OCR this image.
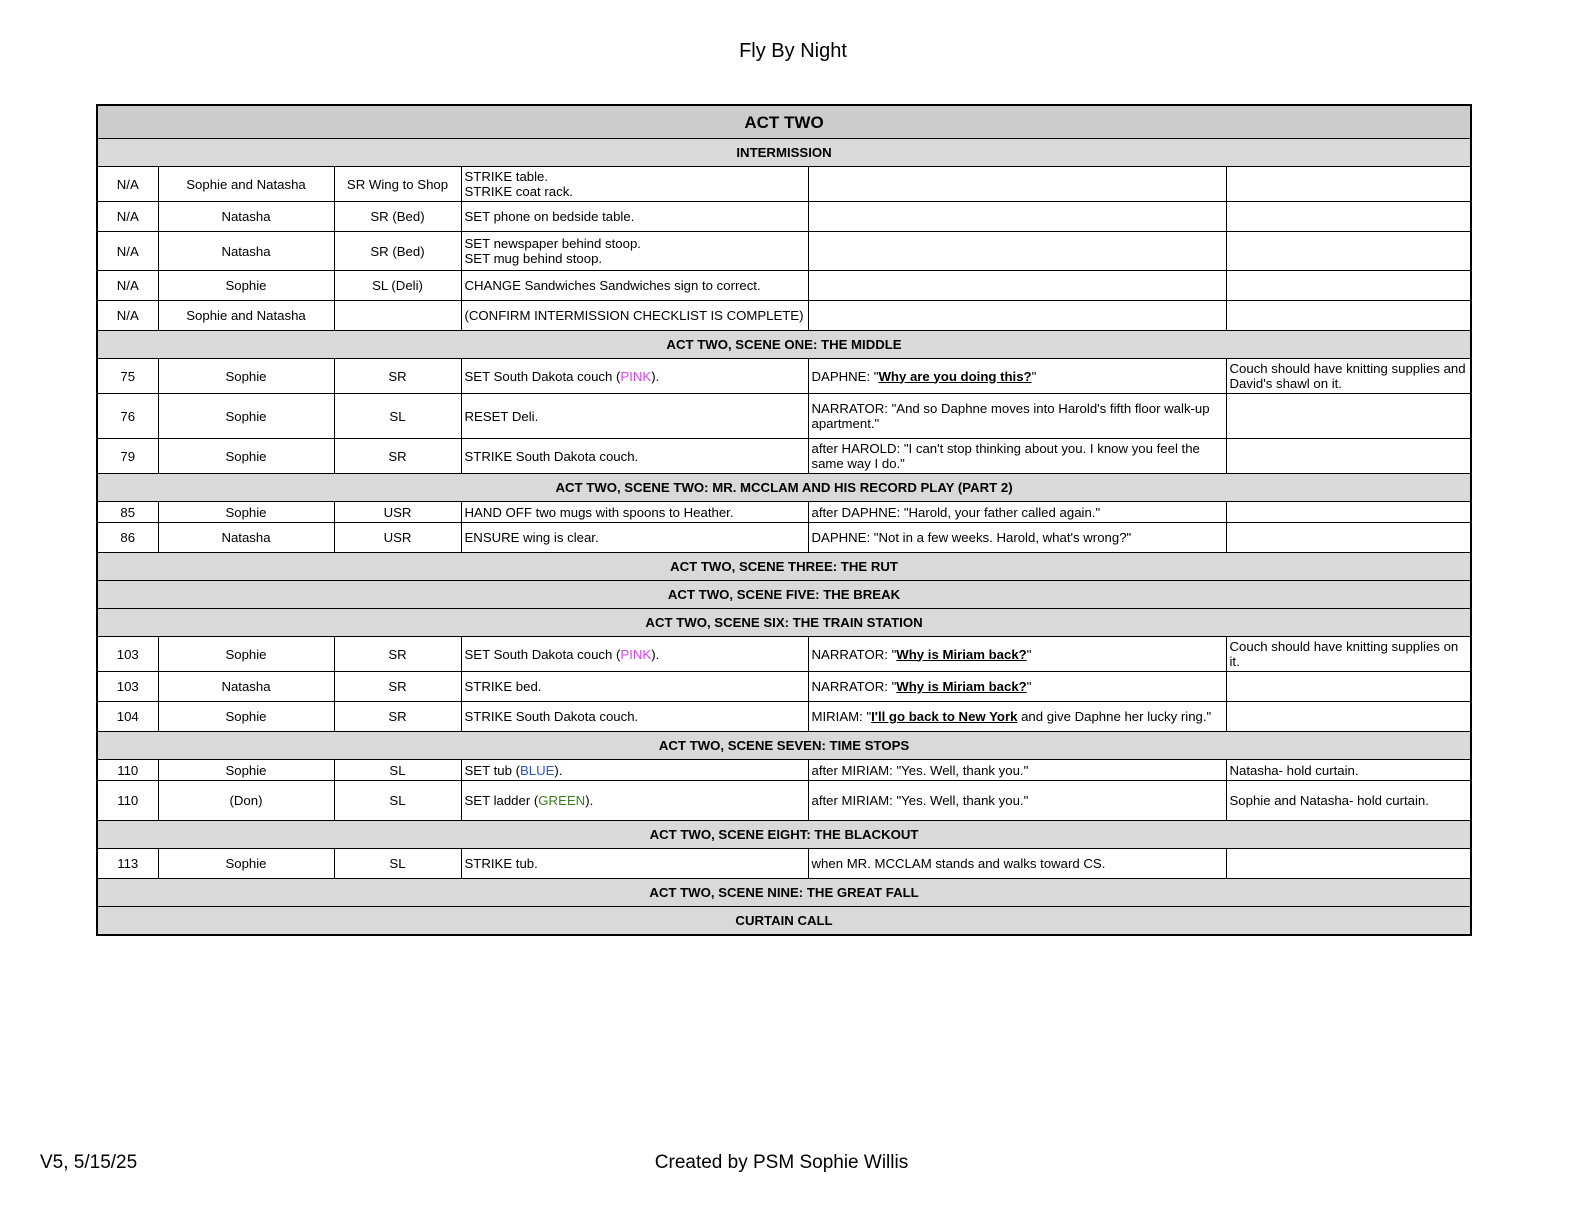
Fly By Night
ACT TWO					
INTERMISSION					
N/A	Sophie and Natasha	SR Wing to Shop	STRIKE table.
STRIKE coat rack.		

N/A	Natasha	SR (Bed)	SET phone on bedside table.		

N/A	Natasha	SR (Bed)	SET newspaper behind stoop.
SET mug behind stoop.		

N/A	Sophie	SL (Deli)	CHANGE Sandwiches Sandwiches sign to correct.		

N/A	Sophie and Natasha		(CONFIRM INTERMISSION CHECKLIST IS COMPLETE)		

ACT TWO, SCENE ONE: THE MIDDLE					
75	Sophie	SR	SET South Dakota couch (PINK).	DAPHNE: "Why are you doing this?"	Couch should have knitting supplies and
David's shawl on it.

76	Sophie	SL	RESET Deli.	NARRATOR: "And so Daphne moves into Harold's fifth floor walk-up
apartment."	

79	Sophie	SR	STRIKE South Dakota couch.	after HAROLD: "I can't stop thinking about you. I know you feel the
same way I do."	

ACT TWO, SCENE TWO: MR. MCCLAM AND HIS RECORD PLAY (PART 2)					
85	Sophie	USR	HAND OFF two mugs with spoons to Heather.	after DAPHNE: "Harold, your father called again."	

86	Natasha	USR	ENSURE wing is clear.	DAPHNE: "Not in a few weeks. Harold, what's wrong?"	

ACT TWO, SCENE THREE: THE RUT					
ACT TWO, SCENE FIVE: THE BREAK					
ACT TWO, SCENE SIX: THE TRAIN STATION					
103	Sophie	SR	SET South Dakota couch (PINK).	NARRATOR: "Why is Miriam back?"	Couch should have knitting supplies on
it.

103	Natasha	SR	STRIKE bed.	NARRATOR: "Why is Miriam back?"	

104	Sophie	SR	STRIKE South Dakota couch.	MIRIAM: "I'll go back to New York and give Daphne her lucky ring."	

ACT TWO, SCENE SEVEN: TIME STOPS					
110	Sophie	SL	SET tub (BLUE).	after MIRIAM: "Yes. Well, thank you."	Natasha- hold curtain.

110	(Don)	SL	SET ladder (GREEN).	after MIRIAM: "Yes. Well, thank you."	Sophie and Natasha- hold curtain.

ACT TWO, SCENE EIGHT: THE BLACKOUT					
113	Sophie	SL	STRIKE tub.	when MR. MCCLAM stands and walks toward CS.	

ACT TWO, SCENE NINE: THE GREAT FALL					
CURTAIN CALL					
V5, 5/15/25	Created by PSM Sophie Willis
